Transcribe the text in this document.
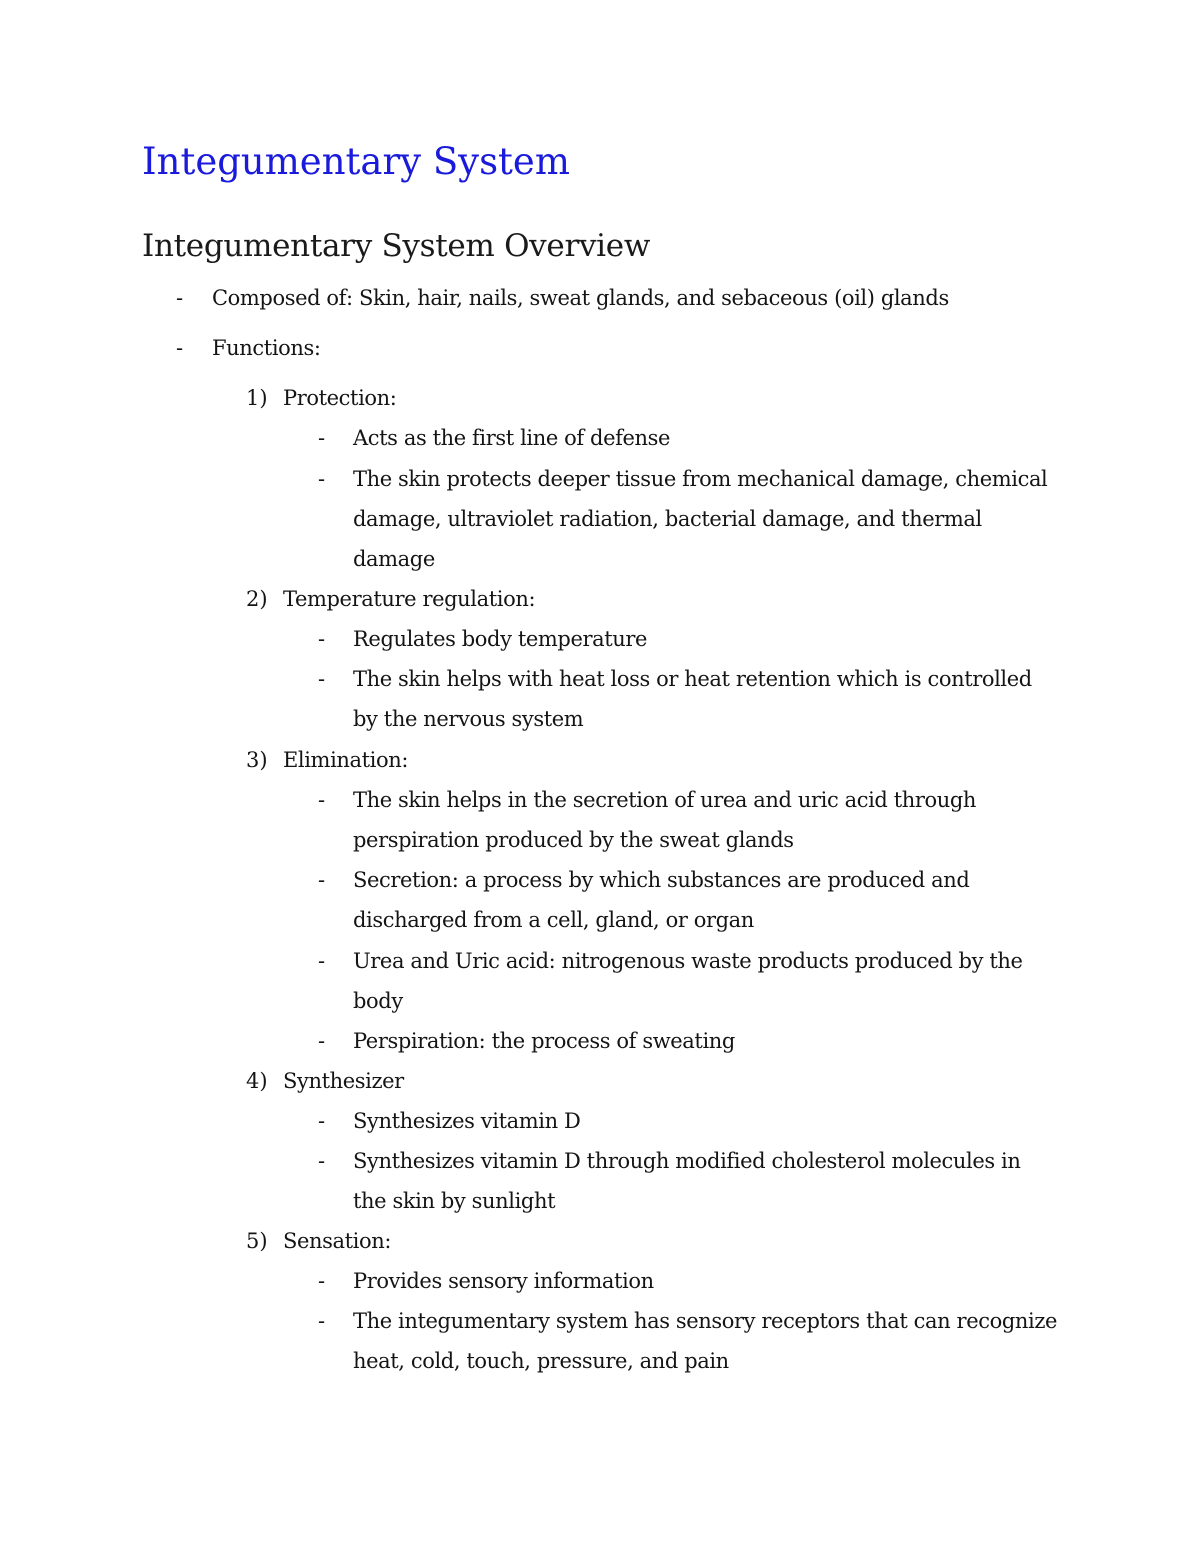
Integumentary System
Integumentary System Overview
- Composed of: Skin, hair, nails, sweat glands, and sebaceous (oil) glands
- Functions:
1) Protection:
- Acts as the first line of defense
- The skin protects deeper tissue from mechanical damage, chemical
damage, ultraviolet radiation, bacterial damage, and thermal
damage
2) Temperature regulation:
- Regulates body temperature
- The skin helps with heat loss or heat retention which is controlled
by the nervous system
3) Elimination:
- The skin helps in the secretion of urea and uric acid through
perspiration produced by the sweat glands
- Secretion: a process by which substances are produced and
discharged from a cell, gland, or organ
- Urea and Uric acid: nitrogenous waste products produced by the
body
- Perspiration: the process of sweating
4) Synthesizer
- Synthesizes vitamin D
- Synthesizes vitamin D through modified cholesterol molecules in
the skin by sunlight
5) Sensation:
- Provides sensory information
- The integumentary system has sensory receptors that can recognize
heat, cold, touch, pressure, and pain
